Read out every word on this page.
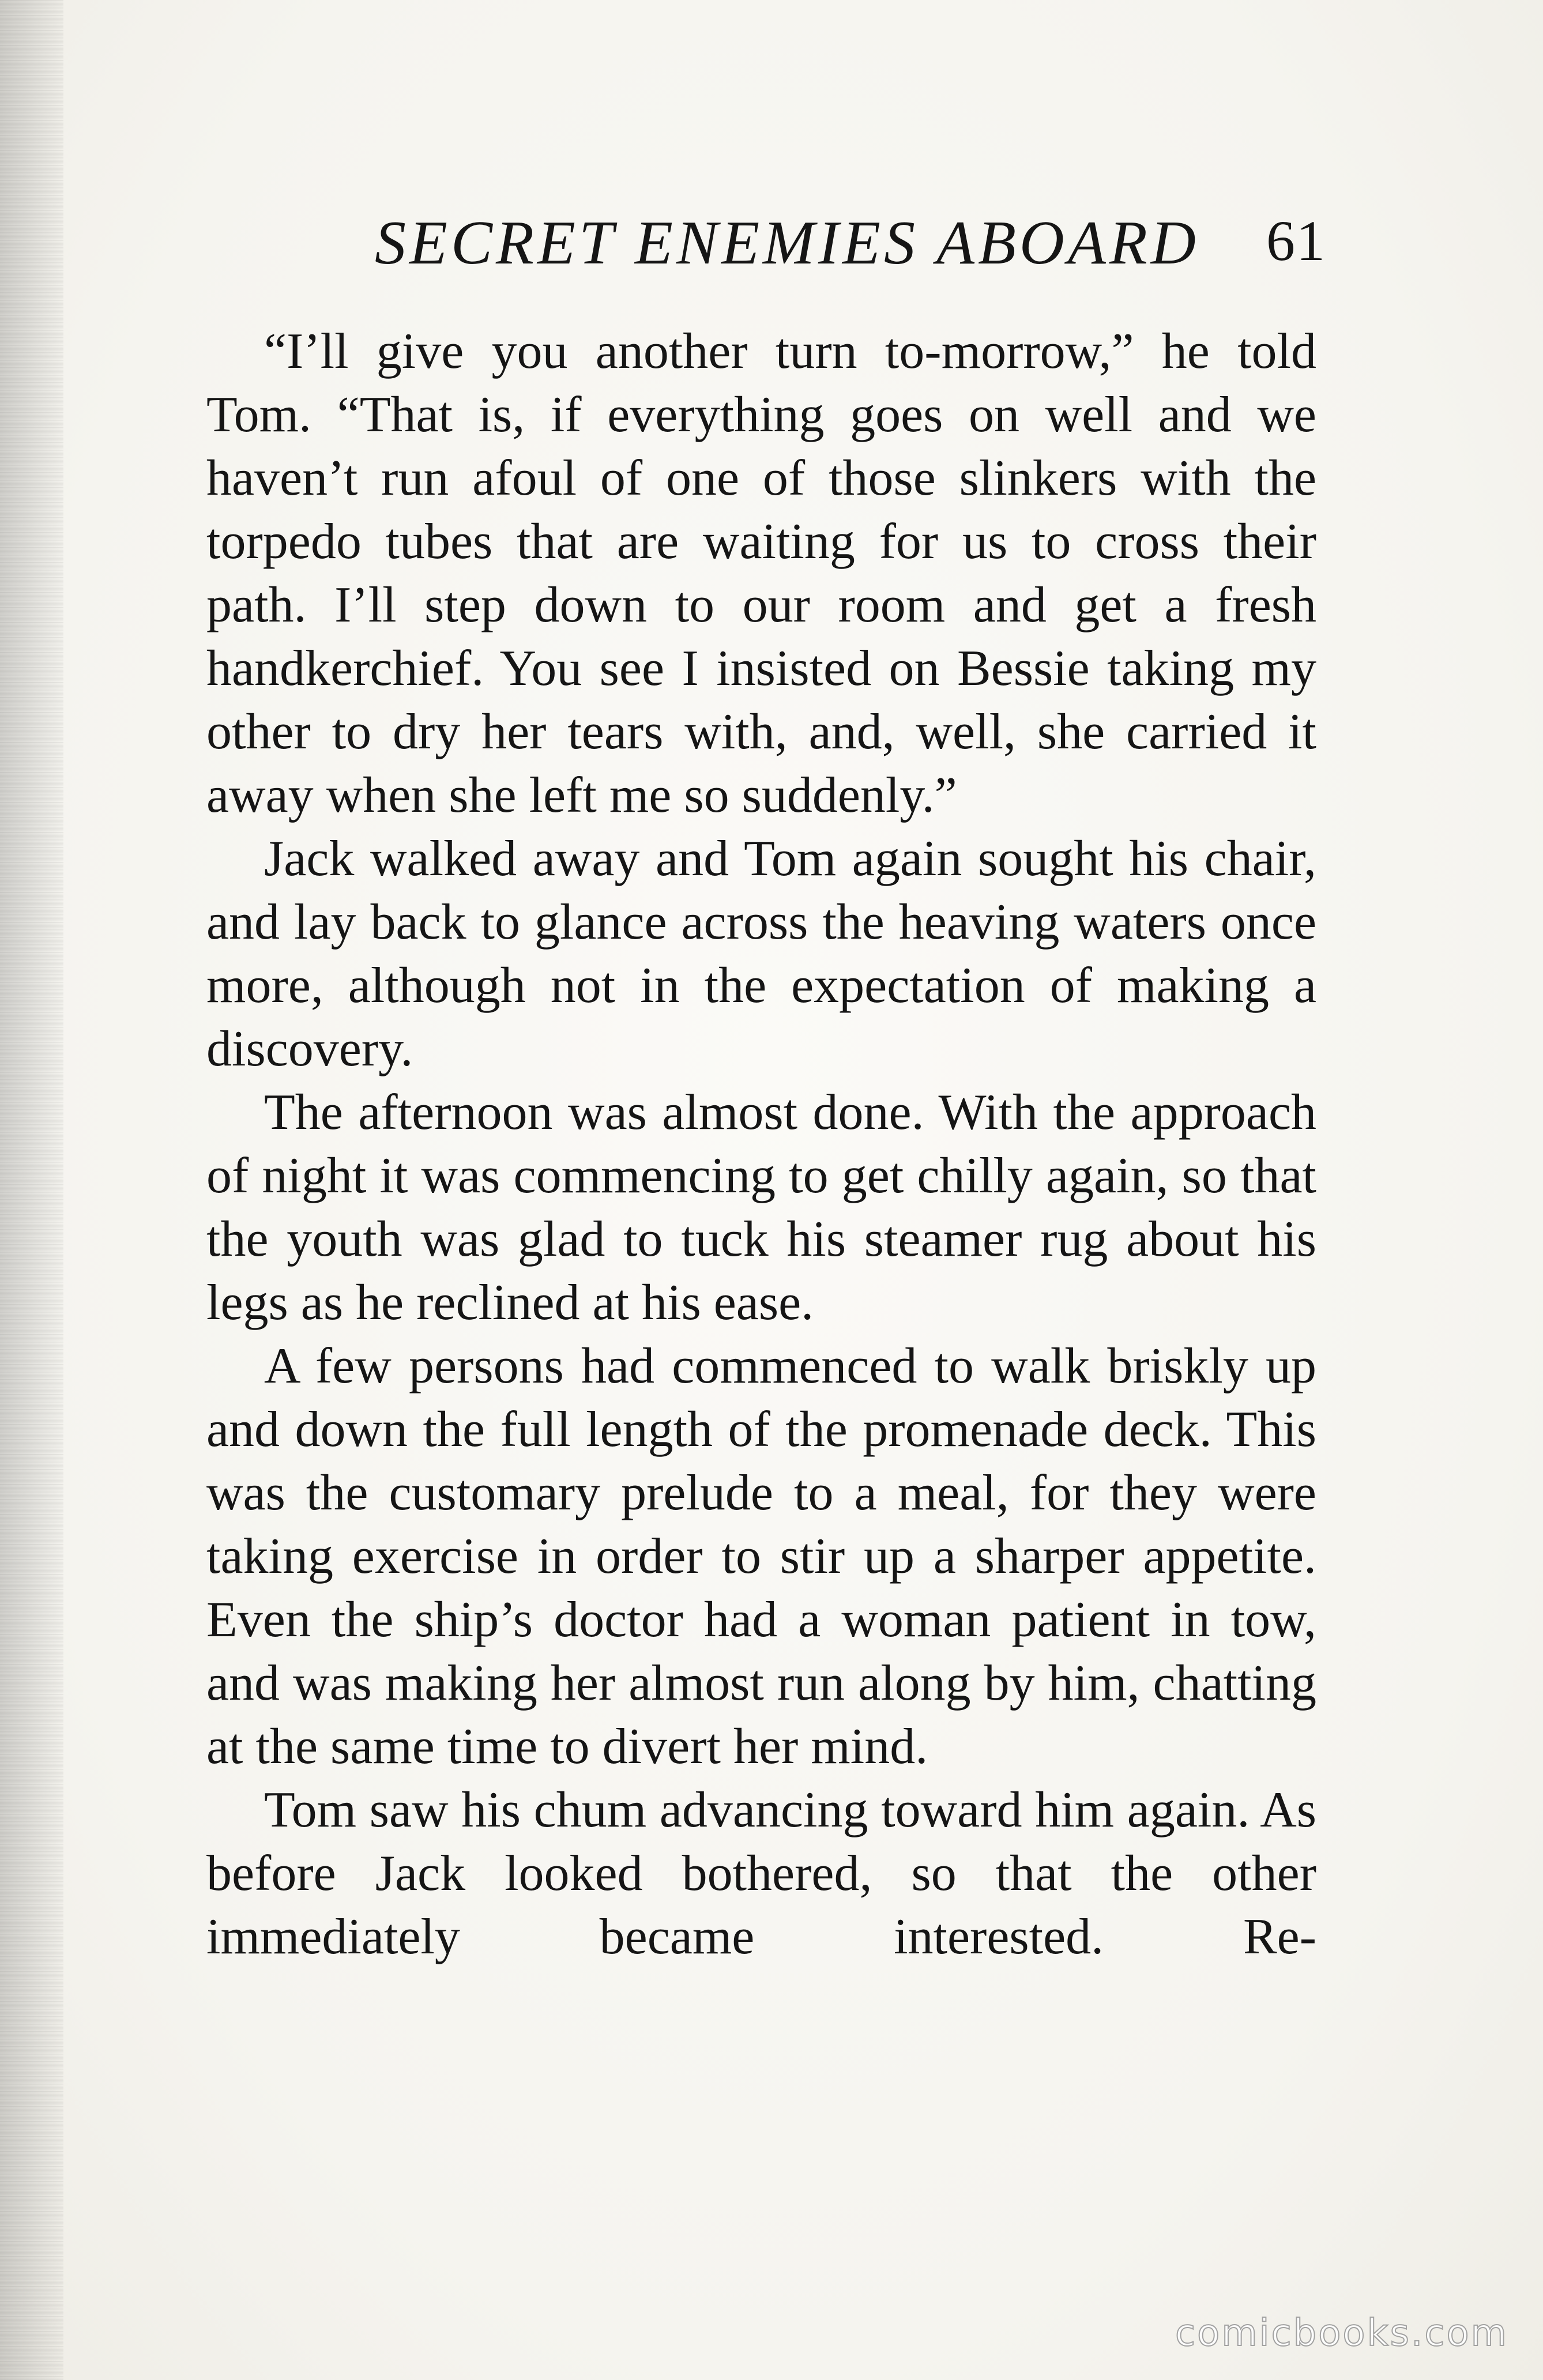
SECRET ENEMIES ABOARD 61

“I’ll give you another turn to-morrow,” he told Tom. “That is, if everything goes on well and we haven’t run afoul of one of those slinkers with the torpedo tubes that are waiting for us to cross their path. I’ll step down to our room and get a fresh handkerchief. You see I insisted on Bessie taking my other to dry her tears with, and, well, she carried it away when she left me so suddenly.”

Jack walked away and Tom again sought his chair, and lay back to glance across the heaving waters once more, although not in the expectation of making a discovery.

The afternoon was almost done. With the approach of night it was commencing to get chilly again, so that the youth was glad to tuck his steamer rug about his legs as he reclined at his ease.

A few persons had commenced to walk briskly up and down the full length of the promenade deck. This was the customary prelude to a meal, for they were taking exercise in order to stir up a sharper appetite. Even the ship’s doctor had a woman patient in tow, and was making her almost run along by him, chatting at the same time to divert her mind.

Tom saw his chum advancing toward him again. As before Jack looked bothered, so that the other immediately became interested. Re-

comicbooks.com
